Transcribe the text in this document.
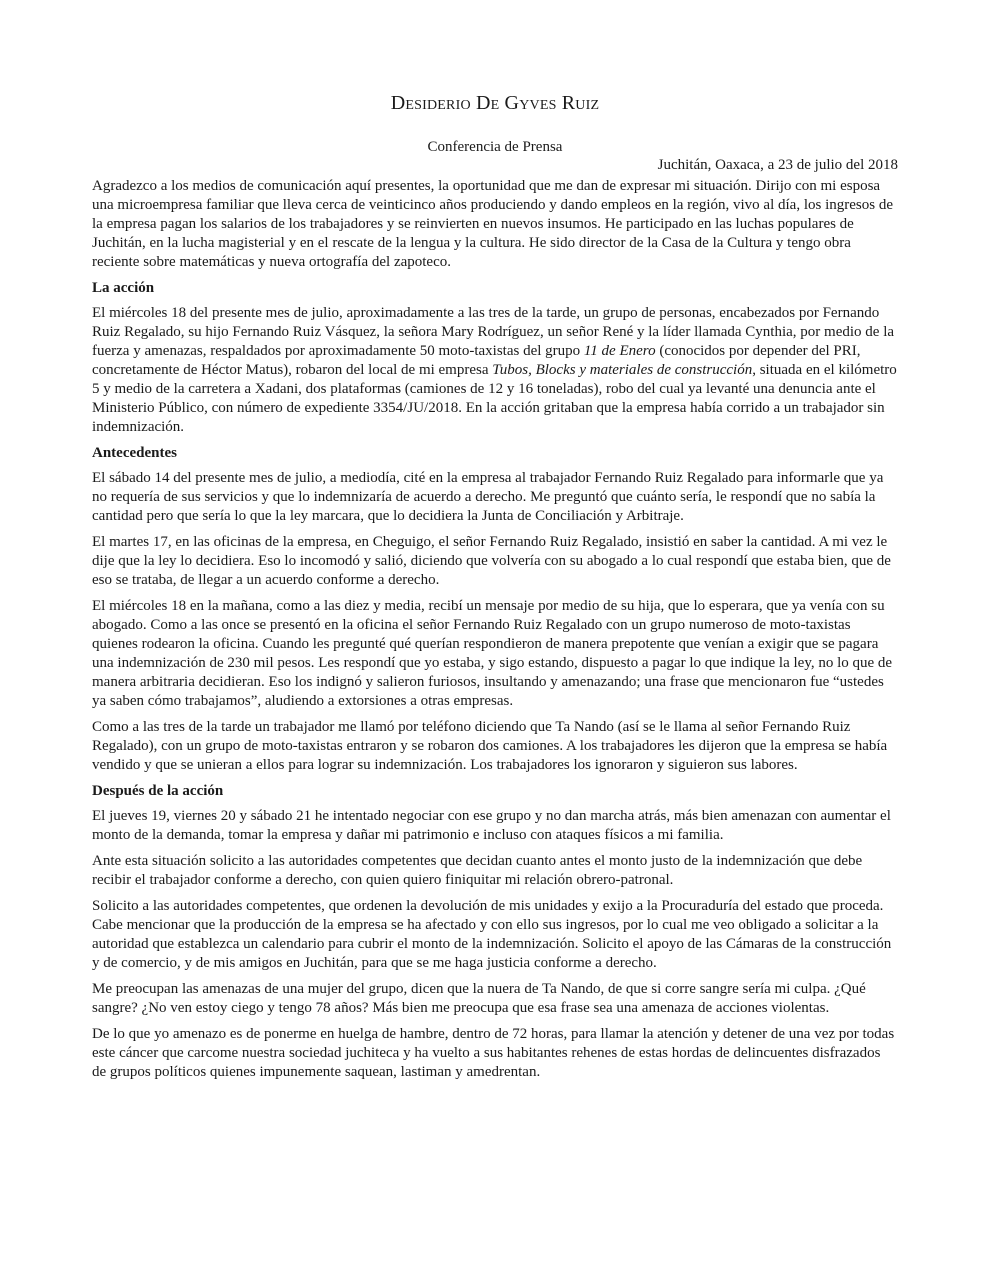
Desiderio De Gyves Ruiz
Conferencia de Prensa
Juchitán, Oaxaca, a 23 de julio del 2018

Agradezco a los medios de comunicación aquí presentes, la oportunidad que me dan de expresar mi situación. Dirijo con mi esposa una microempresa familiar que lleva cerca de veinticinco años produciendo y dando empleos en la región, vivo al día, los ingresos de la empresa pagan los salarios de los trabajadores y se reinvierten en nuevos insumos. He participado en las luchas populares de Juchitán, en la lucha magisterial y en el rescate de la lengua y la cultura. He sido director de la Casa de la Cultura y tengo obra reciente sobre matemáticas y nueva ortografía del zapoteco.

La acción

El miércoles 18 del presente mes de julio, aproximadamente a las tres de la tarde, un grupo de personas, encabezados por Fernando Ruiz Regalado, su hijo Fernando Ruiz Vásquez, la señora Mary Rodríguez, un señor René y la líder llamada Cynthia, por medio de la fuerza y amenazas, respaldados por aproximadamente 50 moto-taxistas del grupo 11 de Enero (conocidos por depender del PRI, concretamente de Héctor Matus), robaron del local de mi empresa Tubos, Blocks y materiales de construcción, situada en el kilómetro 5 y medio de la carretera a Xadani, dos plataformas (camiones de 12 y 16 toneladas), robo del cual ya levanté una denuncia ante el Ministerio Público, con número de expediente 3354/JU/2018. En la acción gritaban que la empresa había corrido a un trabajador sin indemnización.

Antecedentes

El sábado 14 del presente mes de julio, a mediodía, cité en la empresa al trabajador Fernando Ruiz Regalado para informarle que ya no requería de sus servicios y que lo indemnizaría de acuerdo a derecho. Me preguntó que cuánto sería, le respondí que no sabía la cantidad pero que sería lo que la ley marcara, que lo decidiera la Junta de Conciliación y Arbitraje.

El martes 17, en las oficinas de la empresa, en Cheguigo, el señor Fernando Ruiz Regalado, insistió en saber la cantidad. A mi vez le dije que la ley lo decidiera. Eso lo incomodó y salió, diciendo que volvería con su abogado a lo cual respondí que estaba bien, que de eso se trataba, de llegar a un acuerdo conforme a derecho.

El miércoles 18 en la mañana, como a las diez y media, recibí un mensaje por medio de su hija, que lo esperara, que ya venía con su abogado. Como a las once se presentó en la oficina el señor Fernando Ruiz Regalado con un grupo numeroso de moto-taxistas quienes rodearon la oficina. Cuando les pregunté qué querían respondieron de manera prepotente que venían a exigir que se pagara una indemnización de 230 mil pesos. Les respondí que yo estaba, y sigo estando, dispuesto a pagar lo que indique la ley, no lo que de manera arbitraria decidieran. Eso los indignó y salieron furiosos, insultando y amenazando; una frase que mencionaron fue “ustedes ya saben cómo trabajamos”, aludiendo a extorsiones a otras empresas.

Como a las tres de la tarde un trabajador me llamó por teléfono diciendo que Ta Nando (así se le llama al señor Fernando Ruiz Regalado), con un grupo de moto-taxistas entraron y se robaron dos camiones. A los trabajadores les dijeron que la empresa se había vendido y que se unieran a ellos para lograr su indemnización. Los trabajadores los ignoraron y siguieron sus labores.

Después de la acción

El jueves 19, viernes 20 y sábado 21 he intentado negociar con ese grupo y no dan marcha atrás, más bien amenazan con aumentar el monto de la demanda, tomar la empresa y dañar mi patrimonio e incluso con ataques físicos a mi familia.

Ante esta situación solicito a las autoridades competentes que decidan cuanto antes el monto justo de la indemnización que debe recibir el trabajador conforme a derecho, con quien quiero finiquitar mi relación obrero-patronal.

Solicito a las autoridades competentes, que ordenen la devolución de mis unidades y exijo a la Procuraduría del estado que proceda. Cabe mencionar que la producción de la empresa se ha afectado y con ello sus ingresos, por lo cual me veo obligado a solicitar a la autoridad que establezca un calendario para cubrir el monto de la indemnización. Solicito el apoyo de las Cámaras de la construcción y de comercio, y de mis amigos en Juchitán, para que se me haga justicia conforme a derecho.

Me preocupan las amenazas de una mujer del grupo, dicen que la nuera de Ta Nando, de que si corre sangre sería mi culpa. ¿Qué sangre? ¿No ven estoy ciego y tengo 78 años? Más bien me preocupa que esa frase sea una amenaza de acciones violentas.

De lo que yo amenazo es de ponerme en huelga de hambre, dentro de 72 horas, para llamar la atención y detener de una vez por todas este cáncer que carcome nuestra sociedad juchiteca y ha vuelto a sus habitantes rehenes de estas hordas de delincuentes disfrazados de grupos políticos quienes impunemente saquean, lastiman y amedrentan.
